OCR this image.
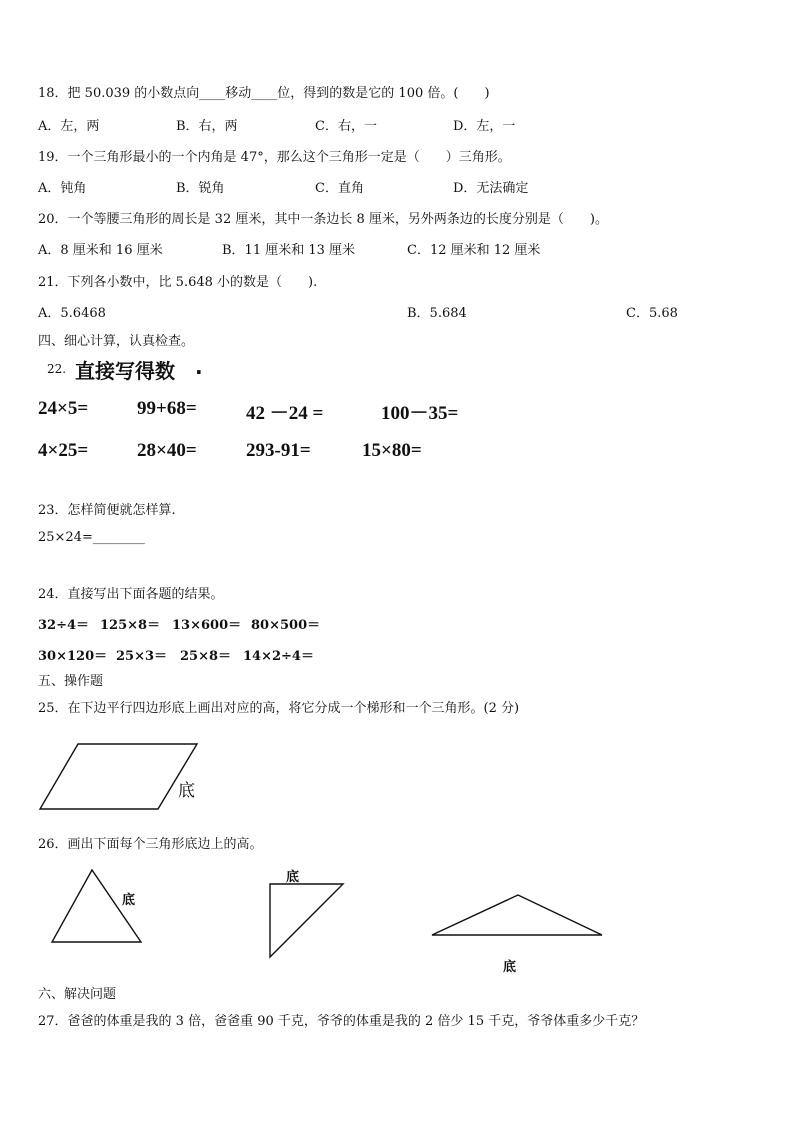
18．把 50.039 的小数点向____移动____位，得到的数是它的 100 倍。(　　)
A．左，两	B．右，两	C．右，一	D．左，一
19．一个三角形最小的一个内角是 47°，那么这个三角形一定是（　　）三角形。
A．钝角	B．锐角	C．直角	D．无法确定
20．一个等腰三角形的周长是 32 厘米，其中一条边长 8 厘米，另外两条边的长度分别是（　　)。
A．8 厘米和 16 厘米	B．11 厘米和 13 厘米	C．12 厘米和 12 厘米
21．下列各小数中，比 5.648 小的数是（　　).
A．5.6468	B．5.684	C．5.68
四、细心计算，认真检查。
22. 直接写得数 .
24×5=	99+68=	42 －24 =	100－35=
4×25=	28×40=	293-91=	15×80=
23．怎样简便就怎样算.
25×24=________
24．直接写出下面各题的结果。
32÷4＝ 125×8＝ 13×600＝ 80×500＝
30×120＝ 25×3＝ 25×8＝ 14×2÷4＝
五、操作题
25．在下边平行四边形底上画出对应的高，将它分成一个梯形和一个三角形。(2 分)
底
26．画出下面每个三角形底边上的高。
底
底
底
六、解决问题
27．爸爸的体重是我的 3 倍，爸爸重 90 千克，爷爷的体重是我的 2 倍少 15 千克，爷爷体重多少千克？
